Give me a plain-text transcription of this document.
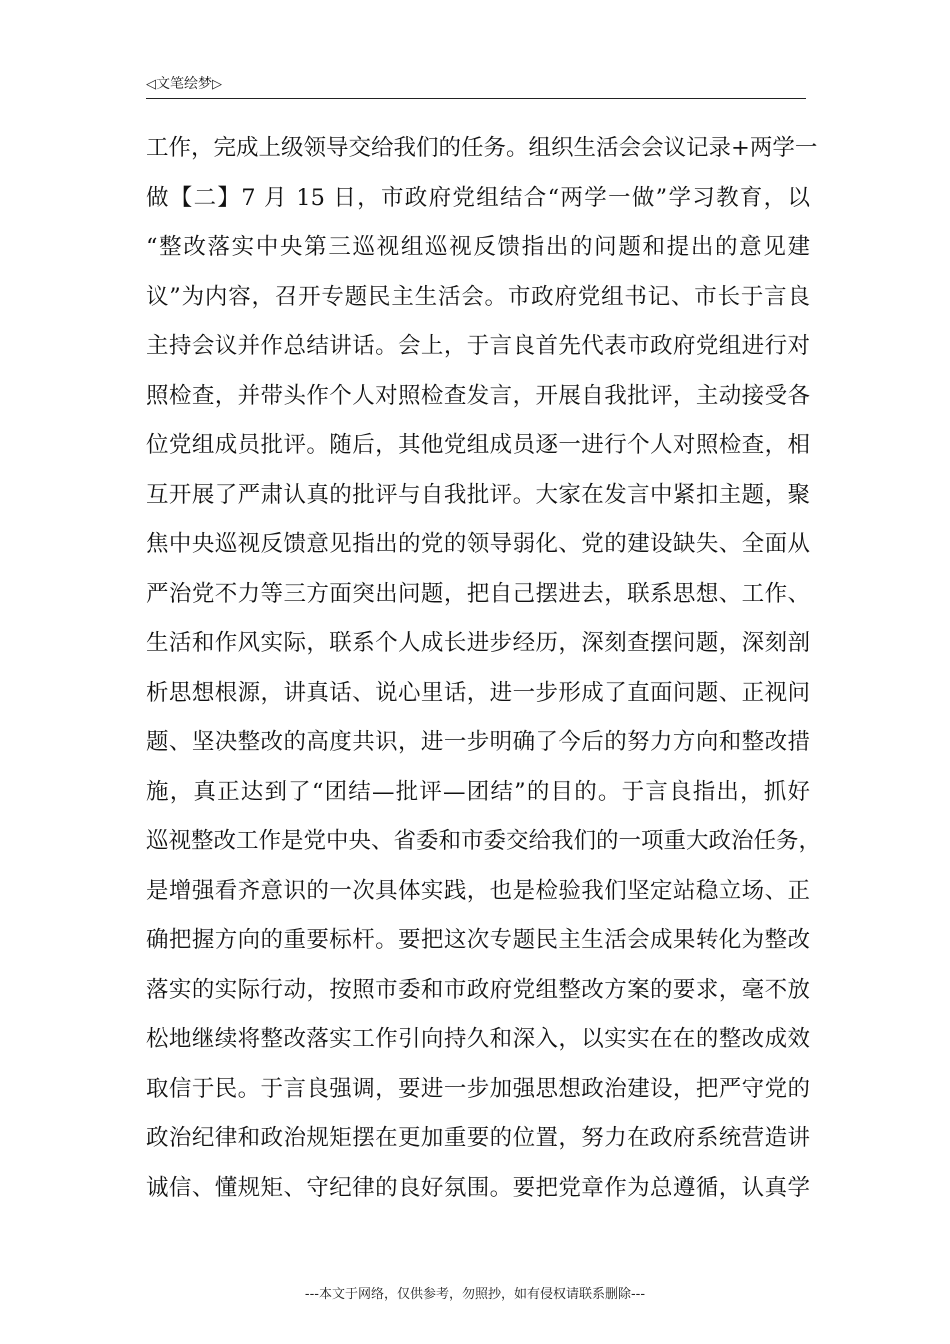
◁文笔绘梦▷
工作，完成上级领导交给我们的任务。组织生活会会议记录+两学一
做【二】7 月 15 日，市政府党组结合“两学一做”学习教育，以
“整改落实中央第三巡视组巡视反馈指出的问题和提出的意见建
议”为内容，召开专题民主生活会。市政府党组书记、市长于言良
主持会议并作总结讲话。会上，于言良首先代表市政府党组进行对
照检查，并带头作个人对照检查发言，开展自我批评，主动接受各
位党组成员批评。随后，其他党组成员逐一进行个人对照检查，相
互开展了严肃认真的批评与自我批评。大家在发言中紧扣主题，聚
焦中央巡视反馈意见指出的党的领导弱化、党的建设缺失、全面从
严治党不力等三方面突出问题，把自己摆进去，联系思想、工作、
生活和作风实际，联系个人成长进步经历，深刻查摆问题，深刻剖
析思想根源，讲真话、说心里话，进一步形成了直面问题、正视问
题、坚决整改的高度共识，进一步明确了今后的努力方向和整改措
施，真正达到了“团结—批评—团结”的目的。于言良指出，抓好
巡视整改工作是党中央、省委和市委交给我们的一项重大政治任务，
是增强看齐意识的一次具体实践，也是检验我们坚定站稳立场、正
确把握方向的重要标杆。要把这次专题民主生活会成果转化为整改
落实的实际行动，按照市委和市政府党组整改方案的要求，毫不放
松地继续将整改落实工作引向持久和深入，以实实在在的整改成效
取信于民。于言良强调，要进一步加强思想政治建设，把严守党的
政治纪律和政治规矩摆在更加重要的位置，努力在政府系统营造讲
诚信、懂规矩、守纪律的良好氛围。要把党章作为总遵循，认真学
---本文于网络，仅供参考，勿照抄，如有侵权请联系删除---
